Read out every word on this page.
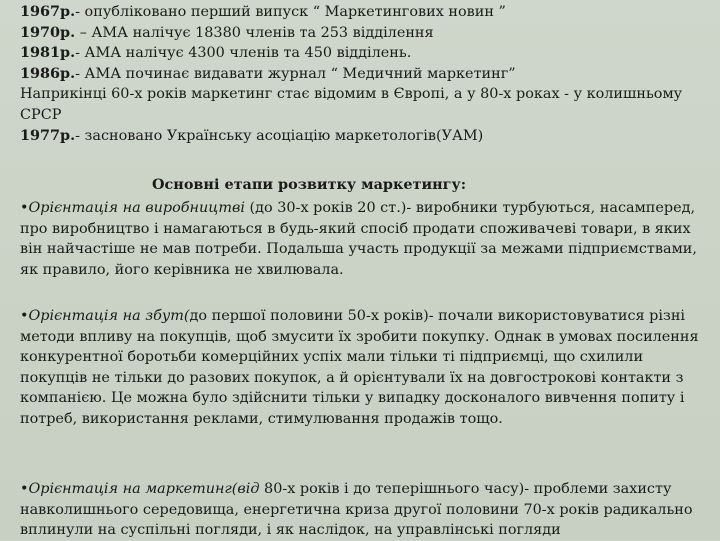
1967р.- опубліковано перший випуск “ Маркетингових новин ”
1970р. – АМА налічує 18380 членів та 253 відділення
1981р.- АМА налічує 4300 членів та 450 відділень.
1986р.- АМА починає видавати журнал “ Медичний маркетинг”
Наприкінці 60-х років маркетинг стає відомим в Європі, а у 80-х роках - у колишньому СРСР
1977р.- засновано Українську асоціацію маркетологів(УАМ)
Основні етапи розвитку маркетингу:
•Орієнтація на виробництві (до 30-х років 20 ст.)- виробники турбуються, насамперед, про виробництво і намагаються в будь-який спосіб продати споживачеві товари, в яких він найчастіше не мав потреби. Подальша участь продукції за межами підприємствами, як правило, його керівника не хвилювала.
•Орієнтація на збут(до першої половини 50-х років)- почали використовуватися різні методи впливу на покупців, щоб змусити їх зробити покупку. Однак в умовах посилення конкурентної боротьби комерційних успіх мали тільки ті підприємці, що схилили покупців не тільки до разових покупок, а й орієнтували їх на довгострокові контакти з компанією. Це можна було здійснити тільки у випадку досконалого вивчення попиту і потреб, використання реклами, стимулювання продажів тощо.
•Орієнтація на маркетинг(від 80-х років і до теперішнього часу)- проблеми захисту навколишнього середовища, енергетична криза другої половини 70-х років радикально вплинули на суспільні погляди, і як наслідок, на управлінські погляди
